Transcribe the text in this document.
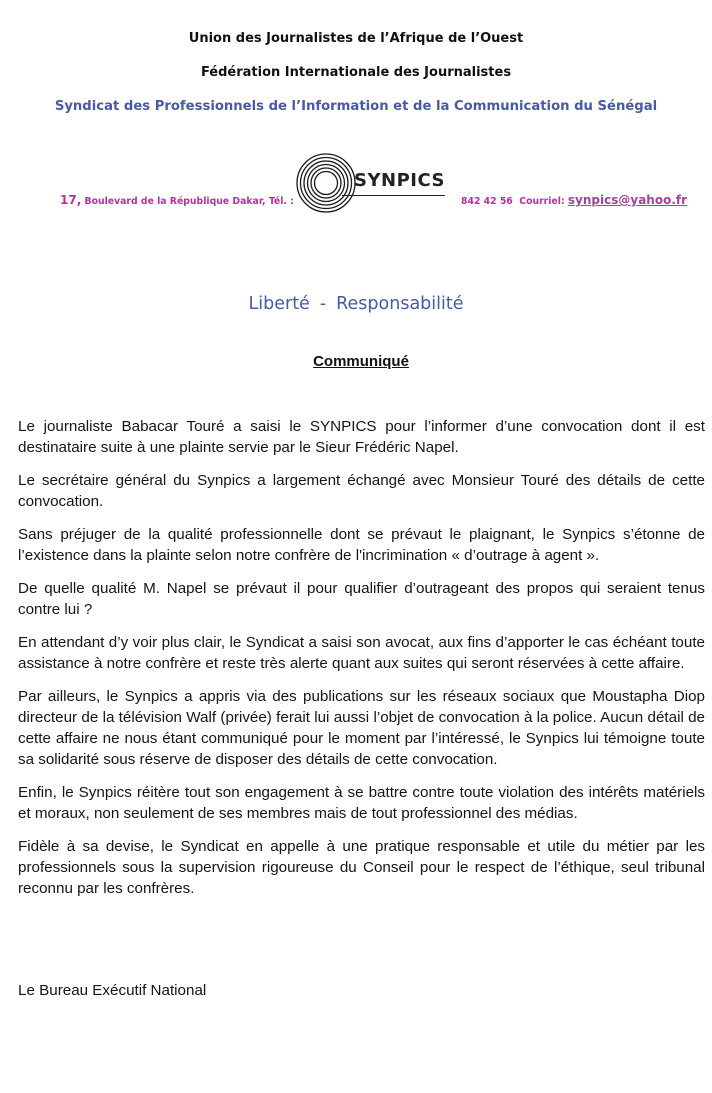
Union des Journalistes de l’Afrique de l’Ouest
Fédération Internationale des Journalistes
Syndicat des Professionnels de l’Information et de la Communication du Sénégal
SYNPICS
17, Boulevard de la République Dakar, Tél. :	842 42 56 Courriel: synpics@yahoo.fr
Liberté - Responsabilité
Communiqué

Le journaliste Babacar Touré a saisi le SYNPICS pour l’informer d’une convocation dont il est destinataire suite à une plainte servie par le Sieur Frédéric Napel.

Le secrétaire général du Synpics a largement échangé avec Monsieur Touré des détails de cette convocation.

Sans préjuger de la qualité professionnelle dont se prévaut le plaignant, le Synpics s’étonne de l’existence dans la plainte selon notre confrère de l'incrimination « d’outrage à agent ».

De quelle qualité M. Napel se prévaut il pour qualifier d’outrageant des propos qui seraient tenus contre lui ?

En attendant d’y voir plus clair, le Syndicat a saisi son avocat, aux fins d’apporter le cas échéant toute assistance à notre confrère et reste très alerte quant aux suites qui seront réservées à cette affaire.

Par ailleurs, le Synpics a appris via des publications sur les réseaux sociaux que Moustapha Diop directeur de la télévision Walf (privée) ferait lui aussi l’objet de convocation à la police. Aucun détail de cette affaire ne nous étant communiqué pour le moment par l’intéressé, le Synpics lui témoigne toute sa solidarité sous réserve de disposer des détails de cette convocation.

Enfin, le Synpics réitère tout son engagement à se battre contre toute violation des intérêts matériels et moraux, non seulement de ses membres mais de tout professionnel des médias.

Fidèle à sa devise, le Syndicat en appelle à une pratique responsable et utile du métier par les professionnels sous la supervision rigoureuse du Conseil pour le respect de l’éthique, seul tribunal reconnu par les confrères.

Le Bureau Exécutif National
